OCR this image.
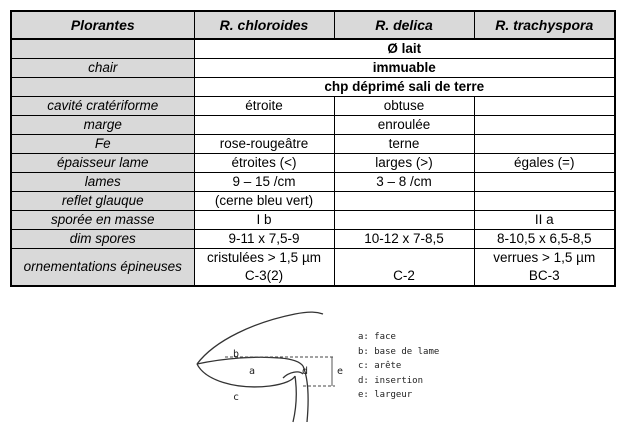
Plorantes	R. chloroides	R. delica	R. trachyspora
	Ø lait		
chair	immuable		
	chp déprimé sali de terre		
cavité cratériforme	étroite	obtuse	
marge		enroulée	
Fe	rose-rougeâtre	terne	
épaisseur lame	étroites (<)	larges (>)	égales (=)
lames	9 – 15 /cm	3 – 8 /cm	
reflet glauque	(cerne bleu vert)		
sporée en masse	I b		II a
dim spores	9-11 x 7,5-9	10-12 x 7-8,5	8-10,5 x 6,5-8,5
ornementations épineuses	cristulées > 1,5 µm		verrues > 1,5 µm
	C-3(2)	C-2	BC-3
a
b
c
d	e
a: face
b: base de lame
c: arête
d: insertion
e: largeur
